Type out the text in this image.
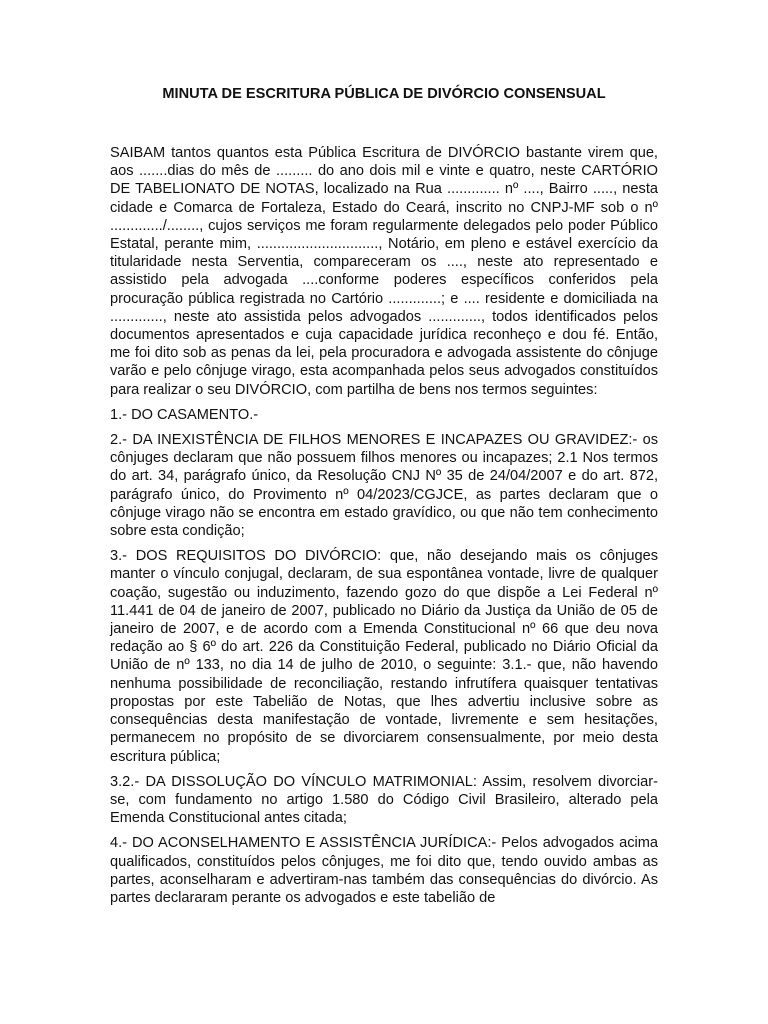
MINUTA DE ESCRITURA PÚBLICA DE DIVÓRCIO CONSENSUAL

SAIBAM tantos quantos esta Pública Escritura de DIVÓRCIO bastante virem que, aos .......dias do mês de ......... do ano dois mil e vinte e quatro, neste CARTÓRIO DE TABELIONATO DE NOTAS, localizado na Rua ............. nº ...., Bairro ....., nesta cidade e Comarca de Fortaleza, Estado do Ceará, inscrito no CNPJ-MF sob o nº ............./........, cujos serviços me foram regularmente delegados pelo poder Público Estatal, perante mim, .............................., Notário, em pleno e estável exercício da titularidade nesta Serventia, compareceram os ...., neste ato representado e assistido pela advogada ....conforme poderes específicos conferidos pela procuração pública registrada no Cartório .............; e .... residente e domiciliada na ............., neste ato assistida pelos advogados ............., todos identificados pelos documentos apresentados e cuja capacidade jurídica reconheço e dou fé. Então, me foi dito sob as penas da lei, pela procuradora e advogada assistente do cônjuge varão e pelo cônjuge virago, esta acompanhada pelos seus advogados constituídos para realizar o seu DIVÓRCIO, com partilha de bens nos termos seguintes:

1.- DO CASAMENTO.-

2.- DA INEXISTÊNCIA DE FILHOS MENORES E INCAPAZES OU GRAVIDEZ:- os cônjuges declaram que não possuem filhos menores ou incapazes; 2.1 Nos termos do art. 34, parágrafo único, da Resolução CNJ Nº 35 de 24/04/2007 e do art. 872, parágrafo único, do Provimento nº 04/2023/CGJCE, as partes declaram que o cônjuge virago não se encontra em estado gravídico, ou que não tem conhecimento sobre esta condição;

3.- DOS REQUISITOS DO DIVÓRCIO: que, não desejando mais os cônjuges manter o vínculo conjugal, declaram, de sua espontânea vontade, livre de qualquer coação, sugestão ou induzimento, fazendo gozo do que dispõe a Lei Federal nº 11.441 de 04 de janeiro de 2007, publicado no Diário da Justiça da União de 05 de janeiro de 2007, e de acordo com a Emenda Constitucional nº 66 que deu nova redação ao § 6º do art. 226 da Constituição Federal, publicado no Diário Oficial da União de nº 133, no dia 14 de julho de 2010, o seguinte: 3.1.- que, não havendo nenhuma possibilidade de reconciliação, restando infrutífera quaisquer tentativas propostas por este Tabelião de Notas, que lhes advertiu inclusive sobre as consequências desta manifestação de vontade, livremente e sem hesitações, permanecem no propósito de se divorciarem consensualmente, por meio desta escritura pública;

3.2.- DA DISSOLUÇÃO DO VÍNCULO MATRIMONIAL: Assim, resolvem divorciar-se, com fundamento no artigo 1.580 do Código Civil Brasileiro, alterado pela Emenda Constitucional antes citada;

4.- DO ACONSELHAMENTO E ASSISTÊNCIA JURÍDICA:- Pelos advogados acima qualificados, constituídos pelos cônjuges, me foi dito que, tendo ouvido ambas as partes, aconselharam e advertiram-nas também das consequências do divórcio. As partes declararam perante os advogados e este tabelião de
